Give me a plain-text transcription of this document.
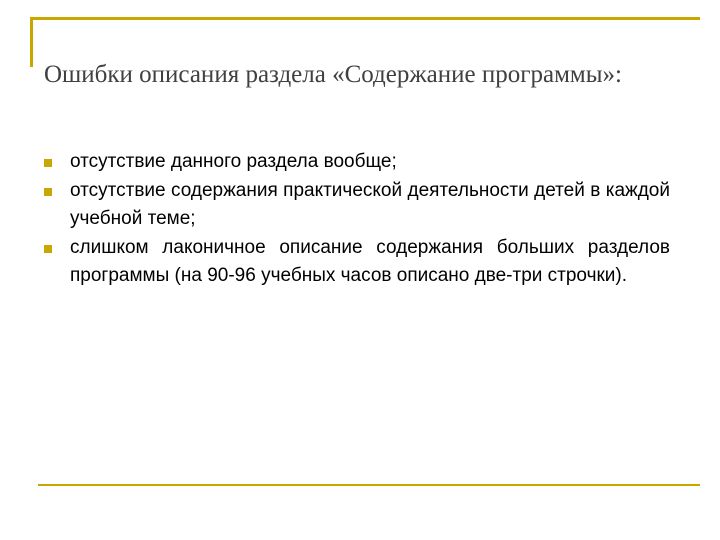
Ошибки описания раздела «Содержание программы»:
отсутствие данного раздела вообще;
отсутствие содержания практической деятельности детей в каждой учебной теме;
слишком лаконичное описание содержания больших разделов программы (на 90-96 учебных часов описано две-три строчки).
